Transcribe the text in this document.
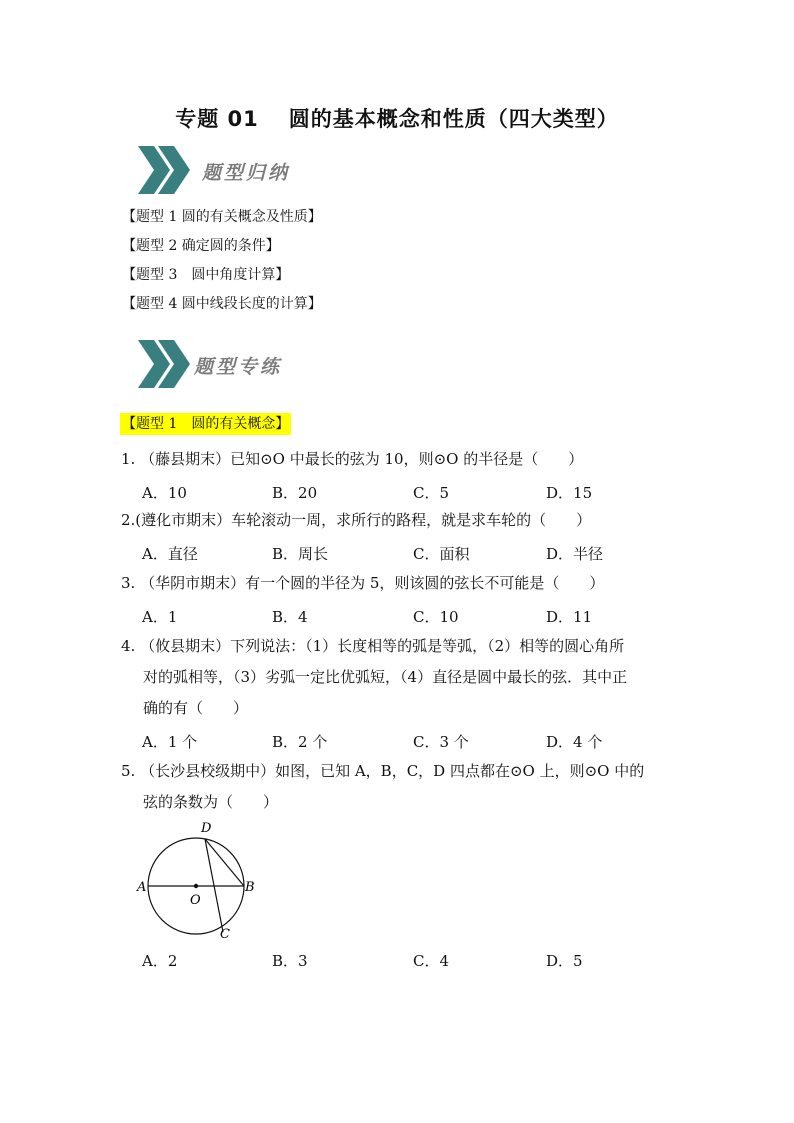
专题 01 圆的基本概念和性质（四大类型）
题型归纳
【题型 1 圆的有关概念及性质】
【题型 2 确定圆的条件】
【题型 3　圆中角度计算】
【题型 4 圆中线段长度的计算】
题型专练
【题型 1　圆的有关概念】
1. （藤县期末）已知⊙O 中最长的弦为 10，则⊙O 的半径是（　　）
A．10	B．20	C．5	D．15
2.(遵化市期末）车轮滚动一周，求所行的路程，就是求车轮的（　　）
A．直径	B．周长	C．面积	D．半径
3. （华阴市期末）有一个圆的半径为 5，则该圆的弦长不可能是（　　）
A．1	B．4	C．10	D．11
4. （攸县期末）下列说法：（1）长度相等的弧是等弧，（2）相等的圆心角所
对的弧相等，（3）劣弧一定比优弧短，（4）直径是圆中最长的弦．其中正
确的有（　　）
A．1 个	B．2 个	C．3 个	D．4 个
5. （长沙县校级期中）如图，已知 A，B，C，D 四点都在⊙O 上，则⊙O 中的
弦的条数为（　　）
D
A	B
O
C
A．2	B．3	C．4	D．5
